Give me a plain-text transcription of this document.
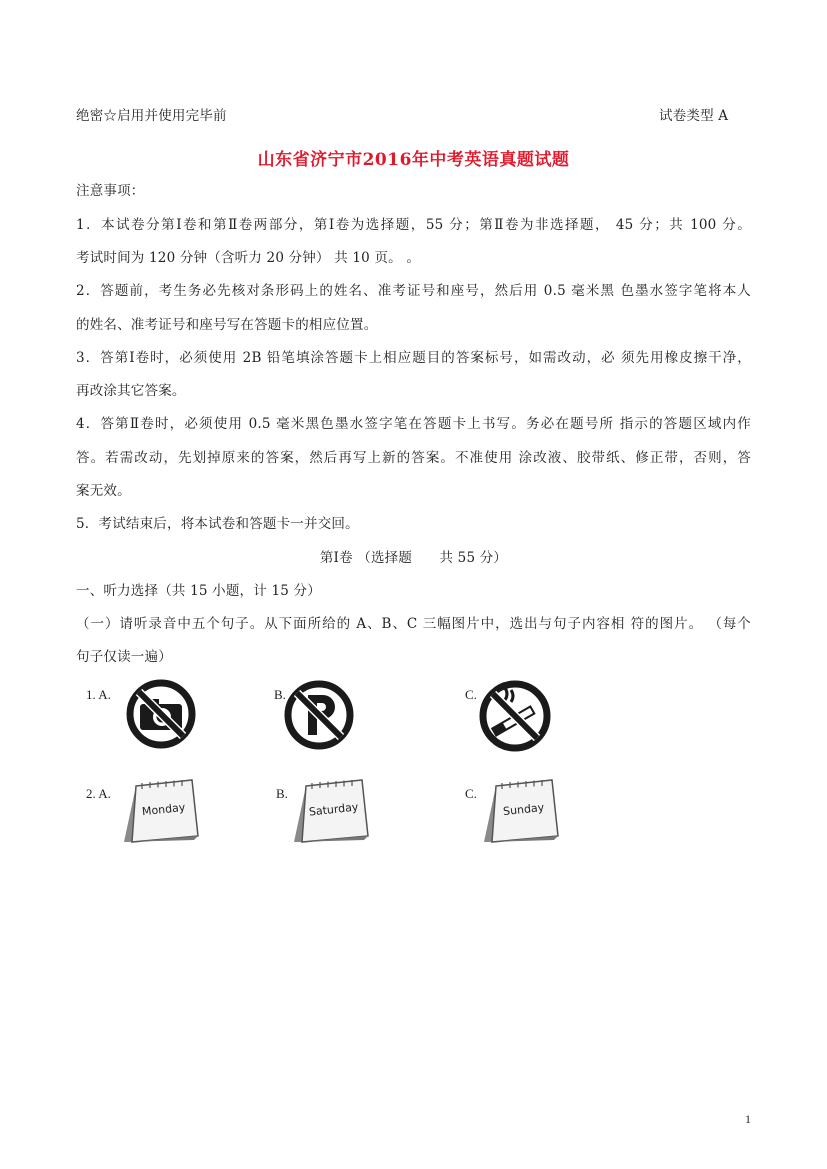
绝密☆启用并使用完毕前	试卷类型 A
山东省济宁市2016年中考英语真题试题
注意事项：
1．本试卷分第Ⅰ卷和第Ⅱ卷两部分，第Ⅰ卷为选择题，55 分；第Ⅱ卷为非选择题， 45 分；共 100 分。
考试时间为 120 分钟（含听力 20 分钟） 共 10 页。 。
2．答题前，考生务必先核对条形码上的姓名、准考证号和座号，然后用 0.5 毫米黑 色墨水签字笔将本人
的姓名、准考证号和座号写在答题卡的相应位置。
3．答第Ⅰ卷时，必须使用 2B 铅笔填涂答题卡上相应题目的答案标号，如需改动，必 须先用橡皮擦干净，
再改涂其它答案。
4．答第Ⅱ卷时，必须使用 0.5 毫米黑色墨水签字笔在答题卡上书写。务必在题号所 指示的答题区域内作
答。若需改动，先划掉原来的答案，然后再写上新的答案。不准使用 涂改液、胶带纸、修正带，否则，答
案无效。
5．考试结束后，将本试卷和答题卡一并交回。
第Ⅰ卷 （选择题　　共 55 分）
一、听力选择（共 15 小题，计 15 分）
（一）请听录音中五个句子。从下面所给的 A、B、C 三幅图片中，选出与句子内容相 符的图片。 （每个
句子仅读一遍）
1. A.	B.	C.
2. A.
Monday
B.
Saturday
C.
Sunday
1
